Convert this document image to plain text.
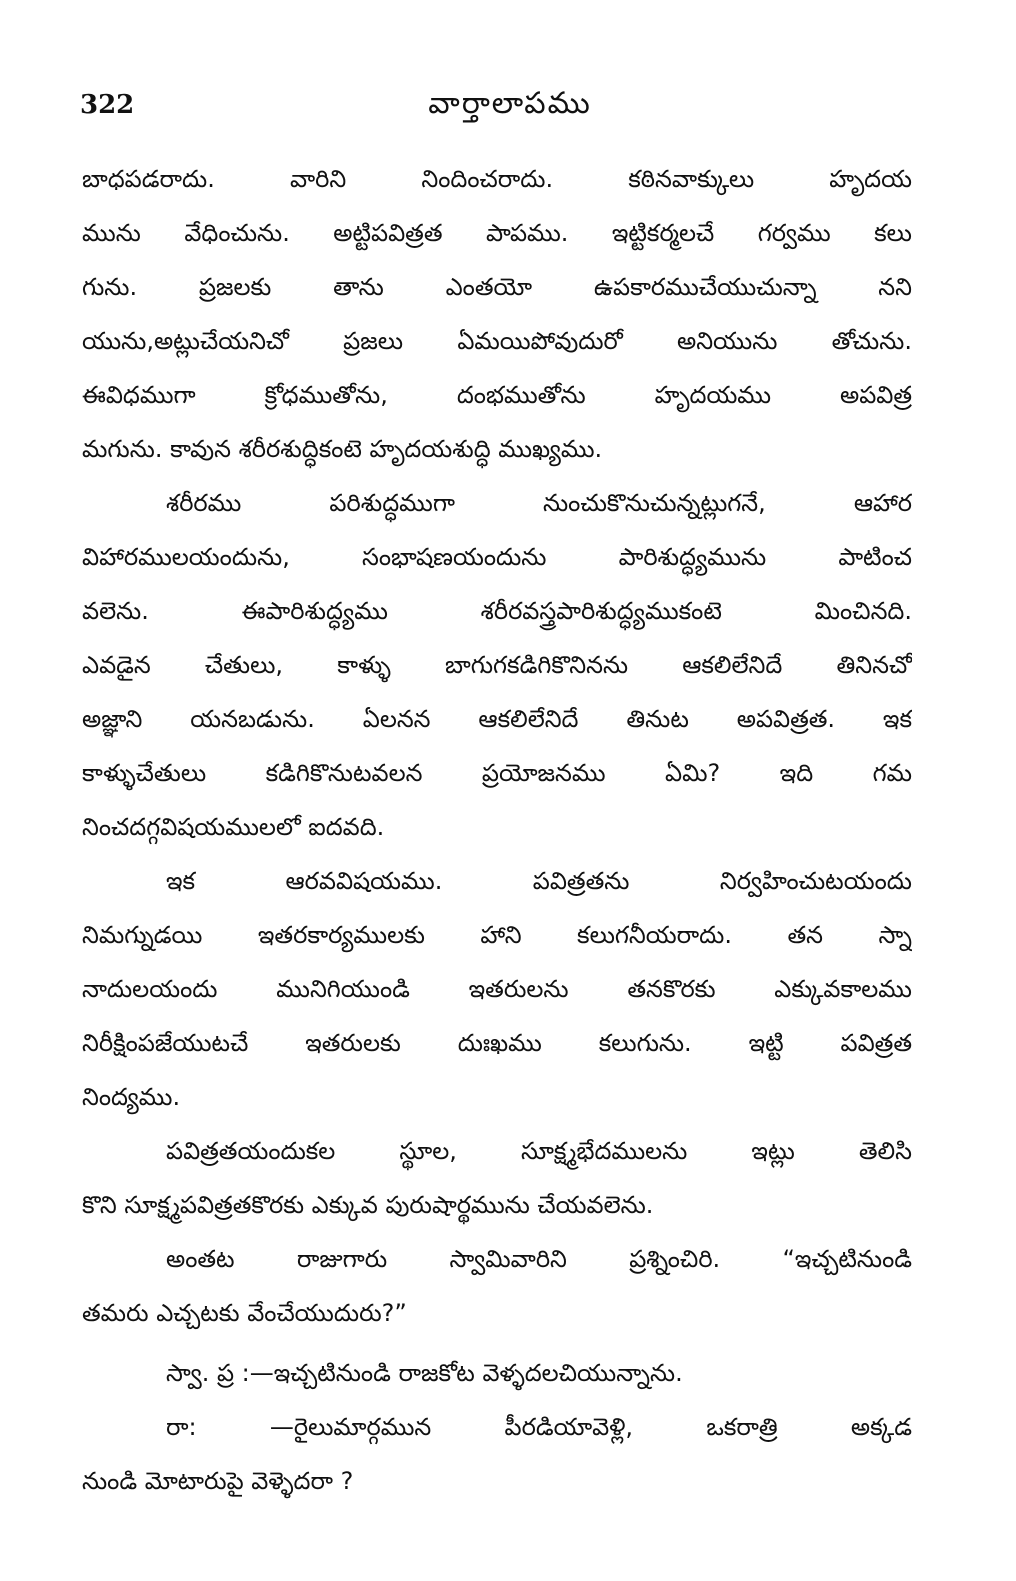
322	వార్తాలాపము
బాధపడరాదు. వారిని నిందించరాదు. కఠినవాక్కులు హృదయ
మును వేధించును. అట్టిపవిత్రత పాపము. ఇట్టికర్మలచే గర్వము కలు
గును. ప్రజలకు తాను ఎంతయో ఉపకారముచేయుచున్నా నని
యును,అట్లుచేయనిచో ప్రజలు ఏమయిపోవుదురో అనియును తోచును.
ఈవిధముగా క్రోధముతోను, దంభముతోను హృదయము అపవిత్ర
మగును. కావున శరీరశుద్ధికంటె హృదయశుద్ధి ముఖ్యము.
శరీరము పరిశుద్ధముగా నుంచుకొనుచున్నట్లుగనే, ఆహార
విహారములయందును, సంభాషణయందును పారిశుద్ధ్యమును పాటించ
వలెను. ఈపారిశుద్ధ్యము శరీరవస్త్రపారిశుద్ధ్యముకంటె మించినది.
ఎవడైన చేతులు, కాళ్ళు బాగుగకడిగికొనినను ఆకలిలేనిదే తినినచో
అజ్ఞాని యనబడును. ఏలనన ఆకలిలేనిదే తినుట అపవిత్రత. ఇక
కాళ్ళుచేతులు కడిగికొనుటవలన ప్రయోజనము ఏమి? ఇది గమ
నించదగ్గవిషయములలో ఐదవది.
ఇక ఆరవవిషయము. పవిత్రతను నిర్వహించుటయందు
నిమగ్నుడయి ఇతరకార్యములకు హాని కలుగనీయరాదు. తన స్నా
నాదులయందు మునిగియుండి ఇతరులను తనకొరకు ఎక్కువకాలము
నిరీక్షింపజేయుటచే ఇతరులకు దుఃఖము కలుగును. ఇట్టి పవిత్రత
నింద్యము.
పవిత్రతయందుకల స్థూల, సూక్ష్మభేదములను ఇట్లు తెలిసి
కొని సూక్ష్మపవిత్రతకొరకు ఎక్కువ పురుషార్థమును చేయవలెను.
అంతట రాజుగారు స్వామివారిని ప్రశ్నించిరి. “ఇచ్చటినుండి
తమరు ఎచ్చటకు వేంచేయుదురు?”
స్వా. ప్ర :—ఇచ్చటినుండి రాజకోట వెళ్ళదలచియున్నాను.
రా: —రైలుమార్గమున పీరడియావెళ్లి, ఒకరాత్రి అక్కడ
నుండి మోటారుపై వెళ్ళెదరా ?
